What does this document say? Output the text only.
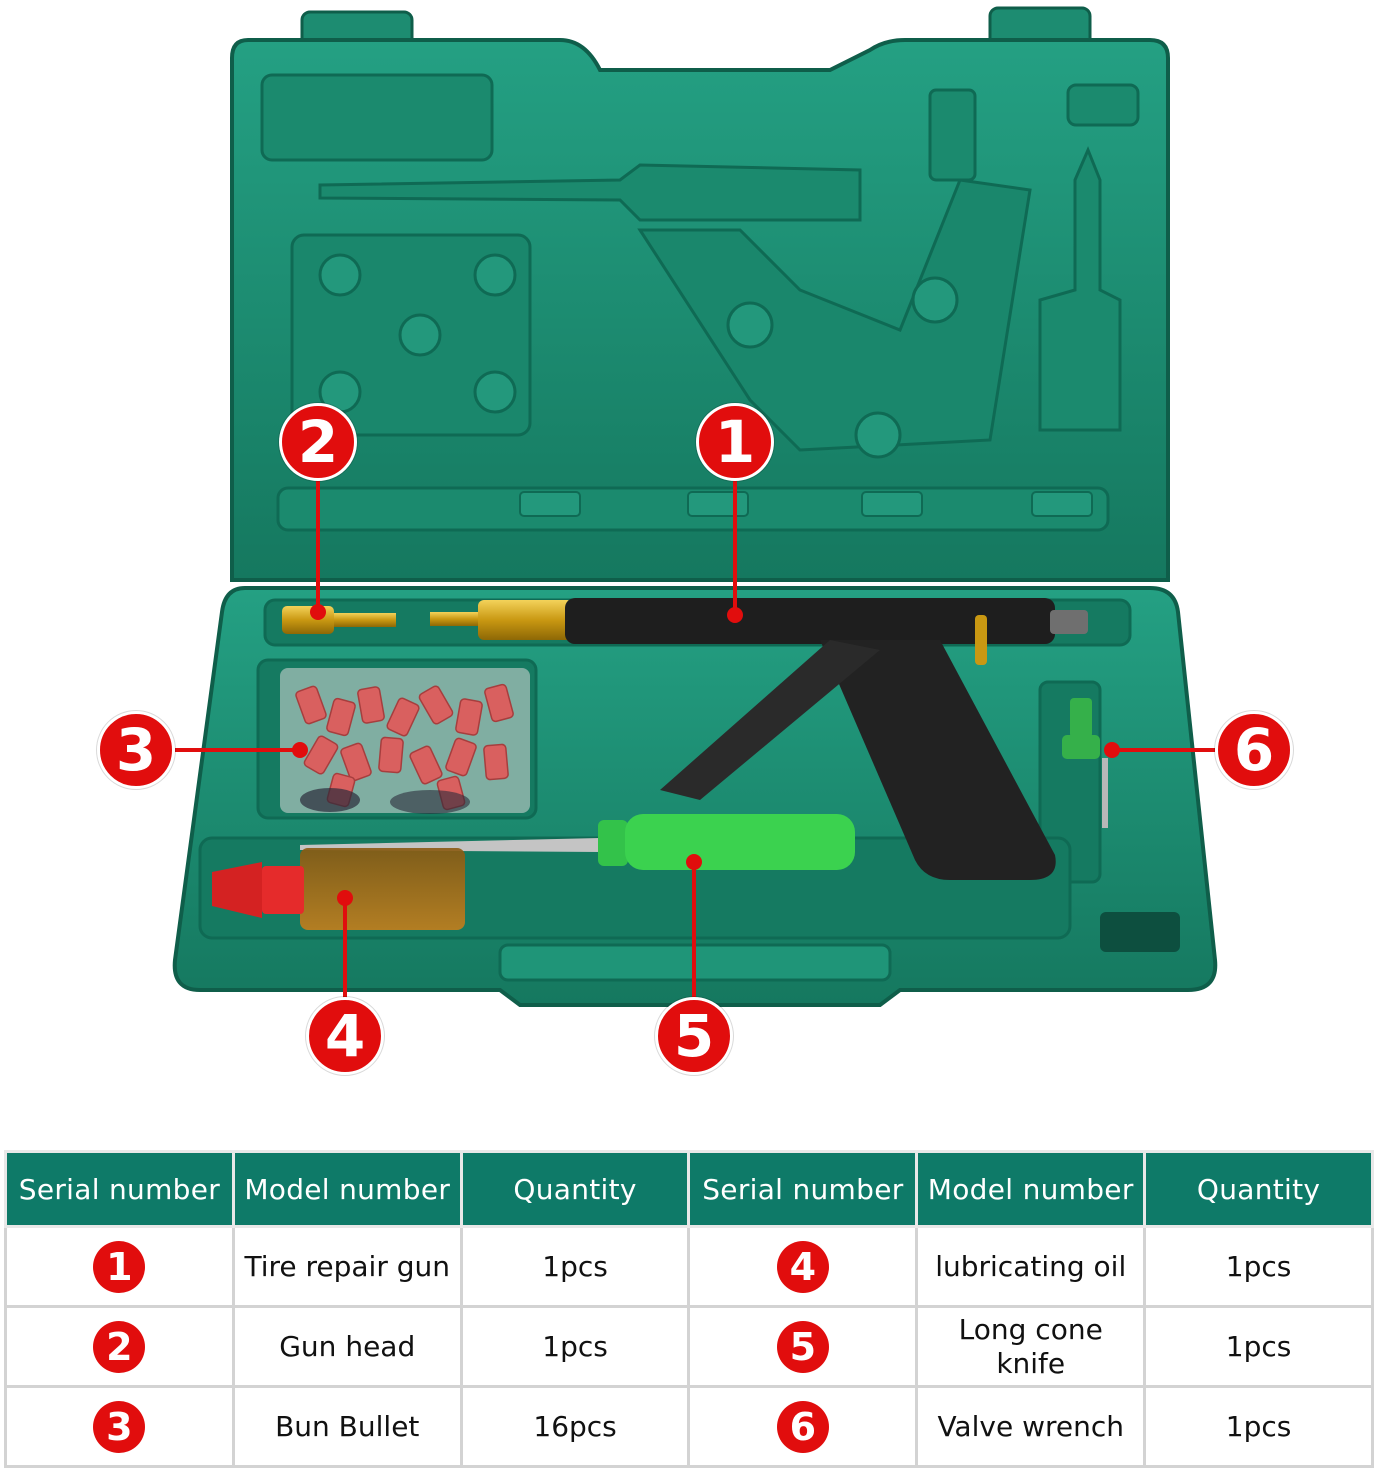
1
2
3
4	5
6
Serial number	Model number	Quantity	Serial number	Model number	Quantity
1	Tire repair gun	1pcs	4	lubricating oil	1pcs
2	Gun head	1pcs	5	Long cone knife	1pcs
3	Bun Bullet	16pcs	6	Valve wrench	1pcs
